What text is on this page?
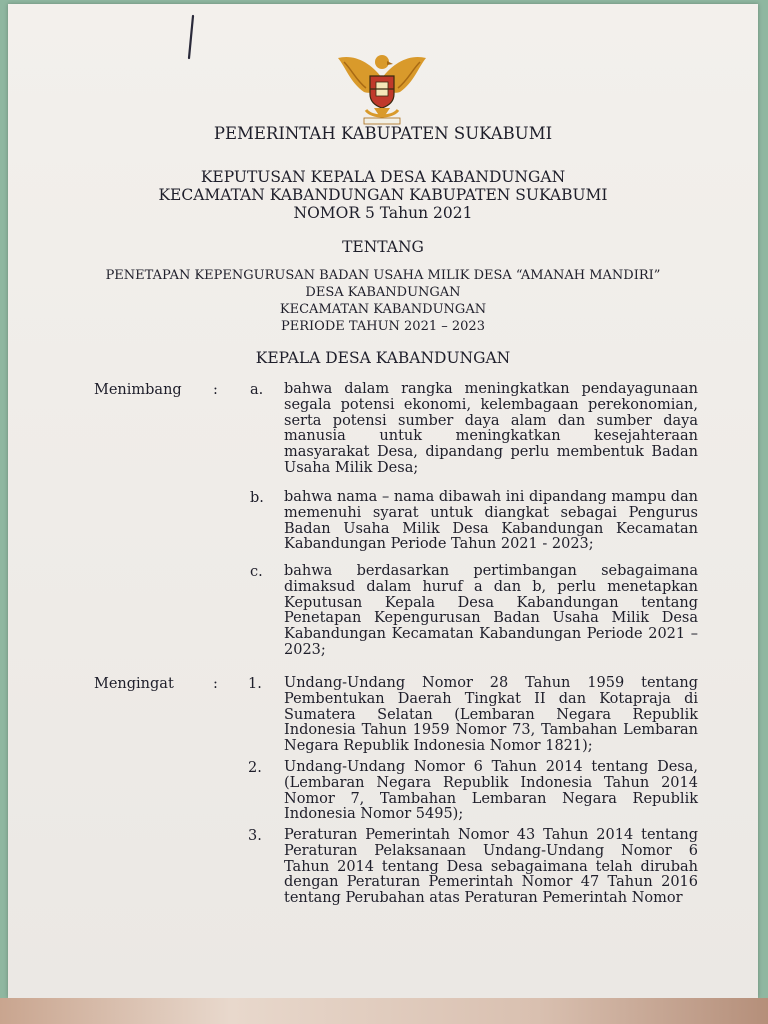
PEMERINTAH KABUPATEN SUKABUMI
KEPUTUSAN KEPALA DESA KABANDUNGAN
KECAMATAN KABANDUNGAN KABUPATEN SUKABUMI
NOMOR 5 Tahun 2021
TENTANG
PENETAPAN KEPENGURUSAN BADAN USAHA MILIK DESA “AMANAH MANDIRI”
DESA KABANDUNGAN
KECAMATAN KABANDUNGAN
PERIODE TAHUN 2021 – 2023
KEPALA DESA KABANDUNGAN
Menimbang : a. bahwa dalam rangka meningkatkan pendayagunaan segala potensi ekonomi, kelembagaan perekonomian, serta potensi sumber daya alam dan sumber daya manusia untuk meningkatkan kesejahteraan masyarakat Desa, dipandang perlu membentuk Badan Usaha Milik Desa;
b. bahwa nama – nama dibawah ini dipandang mampu dan memenuhi syarat untuk diangkat sebagai Pengurus Badan Usaha Milik Desa Kabandungan Kecamatan Kabandungan Periode Tahun 2021 - 2023;
c. bahwa berdasarkan pertimbangan sebagaimana dimaksud dalam huruf a dan b, perlu menetapkan Keputusan Kepala Desa Kabandungan tentang Penetapan Kepengurusan Badan Usaha Milik Desa Kabandungan Kecamatan Kabandungan Periode 2021 – 2023;
Mengingat	: 1. Undang-Undang Nomor 28 Tahun 1959 tentang Pembentukan Daerah Tingkat II dan Kotapraja di Sumatera Selatan (Lembaran Negara Republik Indonesia Tahun 1959 Nomor 73, Tambahan Lembaran Negara Republik Indonesia Nomor 1821);
2. Undang-Undang Nomor 6 Tahun 2014 tentang Desa, (Lembaran Negara Republik Indonesia Tahun 2014 Nomor 7, Tambahan Lembaran Negara Republik Indonesia Nomor 5495);
3. Peraturan Pemerintah Nomor 43 Tahun 2014 tentang Peraturan Pelaksanaan Undang-Undang Nomor 6 Tahun 2014 tentang Desa sebagaimana telah dirubah dengan Peraturan Pemerintah Nomor 47 Tahun 2016 tentang Perubahan atas Peraturan Pemerintah Nomor
